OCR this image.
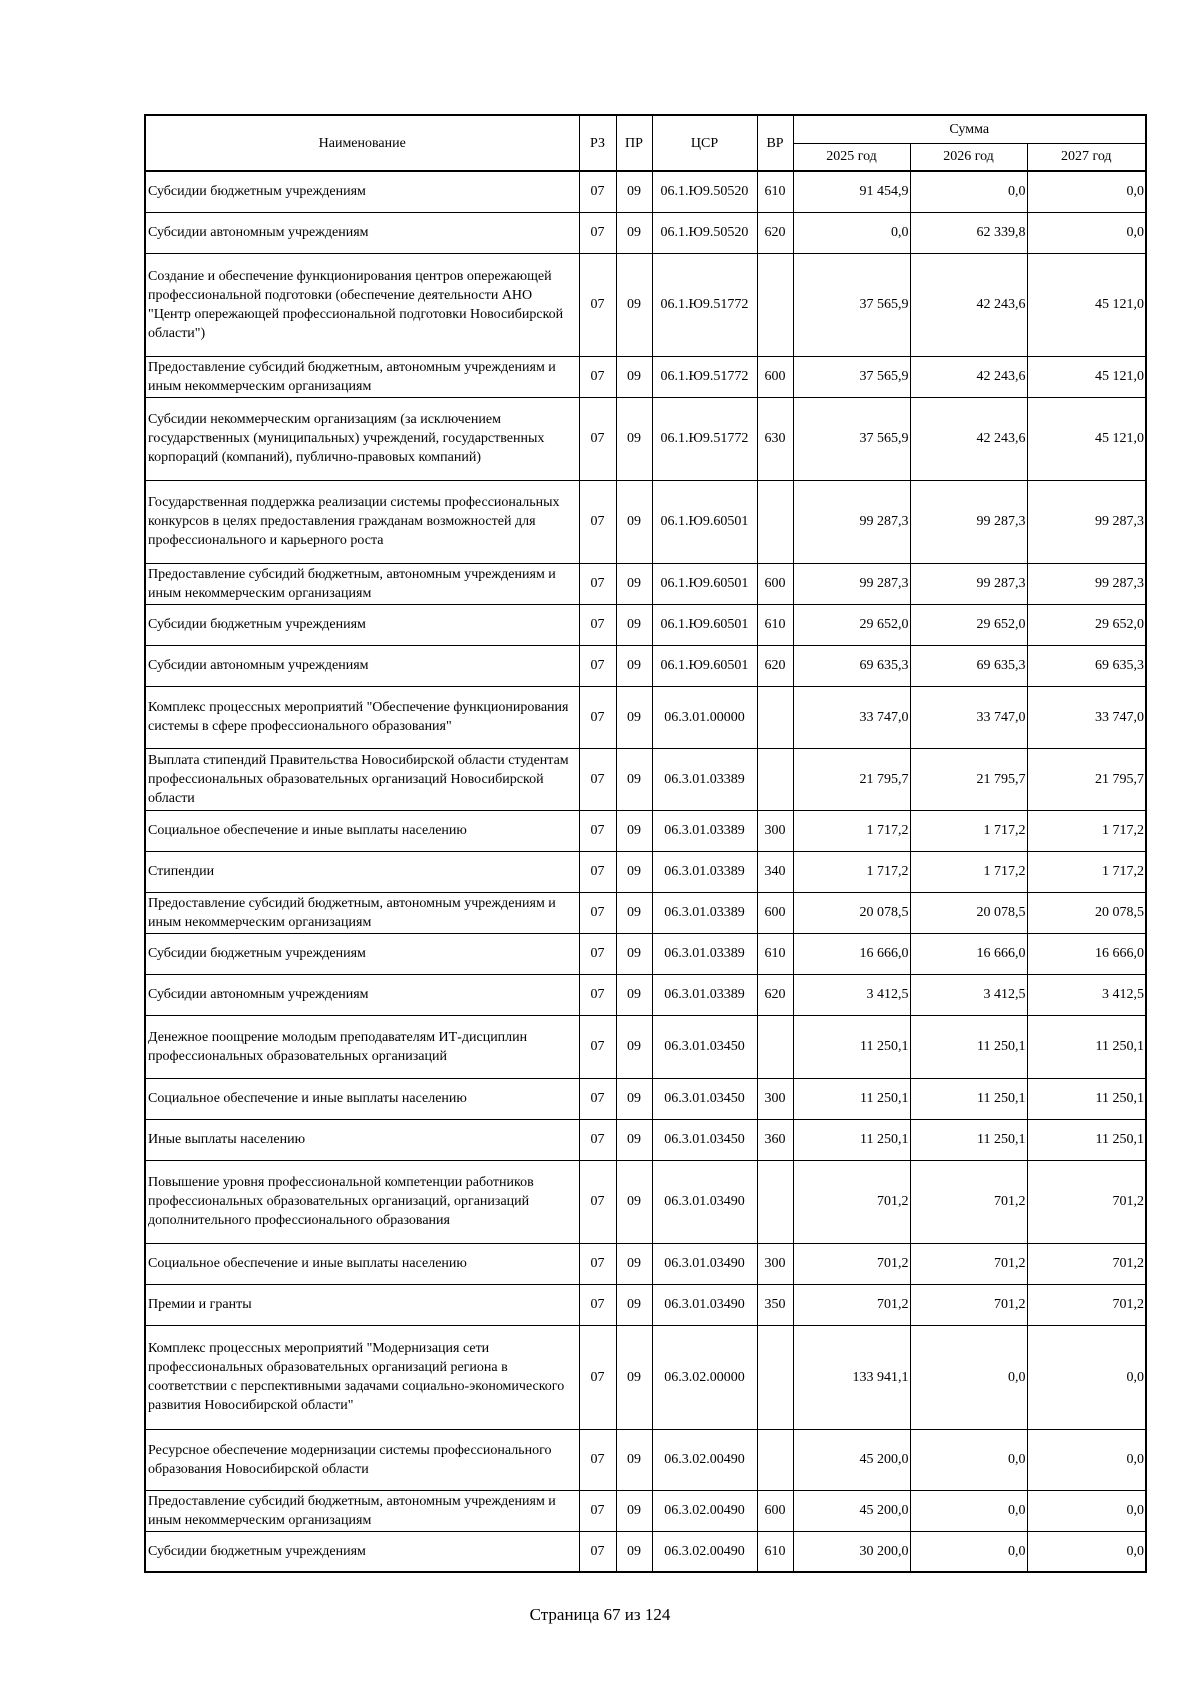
Наименование	РЗ	ПР	ЦСР	ВР	Сумма		
					2025 год	2026 год	2027 год
Субсидии бюджетным учреждениям	07	09	06.1.Ю9.50520	610	91 454,9	0,0	0,0
Субсидии автономным учреждениям	07	09	06.1.Ю9.50520	620	0,0	62 339,8	0,0
Создание и обеспечение функционирования центров опережающей профессиональной подготовки (обеспечение деятельности АНО "Центр опережающей профессиональной подготовки Новосибирской области")	07	09	06.1.Ю9.51772		37 565,9	42 243,6	45 121,0
Предоставление субсидий бюджетным, автономным учреждениям и иным некоммерческим организациям	07	09	06.1.Ю9.51772	600	37 565,9	42 243,6	45 121,0
Субсидии некоммерческим организациям (за исключением государственных (муниципальных) учреждений, государственных корпораций (компаний), публично-правовых компаний)	07	09	06.1.Ю9.51772	630	37 565,9	42 243,6	45 121,0
Государственная поддержка реализации системы профессиональных конкурсов в целях предоставления гражданам возможностей для профессионального и карьерного роста	07	09	06.1.Ю9.60501		99 287,3	99 287,3	99 287,3
Предоставление субсидий бюджетным, автономным учреждениям и иным некоммерческим организациям	07	09	06.1.Ю9.60501	600	99 287,3	99 287,3	99 287,3
Субсидии бюджетным учреждениям	07	09	06.1.Ю9.60501	610	29 652,0	29 652,0	29 652,0
Субсидии автономным учреждениям	07	09	06.1.Ю9.60501	620	69 635,3	69 635,3	69 635,3
Комплекс процессных мероприятий "Обеспечение функционирования системы в сфере профессионального образования"	07	09	06.3.01.00000		33 747,0	33 747,0	33 747,0
Выплата стипендий Правительства Новосибирской области студентам профессиональных образовательных организаций Новосибирской области	07	09	06.3.01.03389		21 795,7	21 795,7	21 795,7
Социальное обеспечение и иные выплаты населению	07	09	06.3.01.03389	300	1 717,2	1 717,2	1 717,2
Стипендии	07	09	06.3.01.03389	340	1 717,2	1 717,2	1 717,2
Предоставление субсидий бюджетным, автономным учреждениям и иным некоммерческим организациям	07	09	06.3.01.03389	600	20 078,5	20 078,5	20 078,5
Субсидии бюджетным учреждениям	07	09	06.3.01.03389	610	16 666,0	16 666,0	16 666,0
Субсидии автономным учреждениям	07	09	06.3.01.03389	620	3 412,5	3 412,5	3 412,5
Денежное поощрение молодым преподавателям ИТ-дисциплин профессиональных образовательных организаций	07	09	06.3.01.03450		11 250,1	11 250,1	11 250,1
Социальное обеспечение и иные выплаты населению	07	09	06.3.01.03450	300	11 250,1	11 250,1	11 250,1
Иные выплаты населению	07	09	06.3.01.03450	360	11 250,1	11 250,1	11 250,1
Повышение уровня профессиональной компетенции работников профессиональных образовательных организаций, организаций дополнительного профессионального образования	07	09	06.3.01.03490		701,2	701,2	701,2
Социальное обеспечение и иные выплаты населению	07	09	06.3.01.03490	300	701,2	701,2	701,2
Премии и гранты	07	09	06.3.01.03490	350	701,2	701,2	701,2
Комплекс процессных мероприятий "Модернизация сети профессиональных образовательных организаций региона в соответствии с перспективными задачами социально-экономического развития Новосибирской области"	07	09	06.3.02.00000		133 941,1	0,0	0,0
Ресурсное обеспечение модернизации системы профессионального образования Новосибирской области	07	09	06.3.02.00490		45 200,0	0,0	0,0
Предоставление субсидий бюджетным, автономным учреждениям и иным некоммерческим организациям	07	09	06.3.02.00490	600	45 200,0	0,0	0,0
Субсидии бюджетным учреждениям	07	09	06.3.02.00490	610	30 200,0	0,0	0,0
Страница 67 из 124
